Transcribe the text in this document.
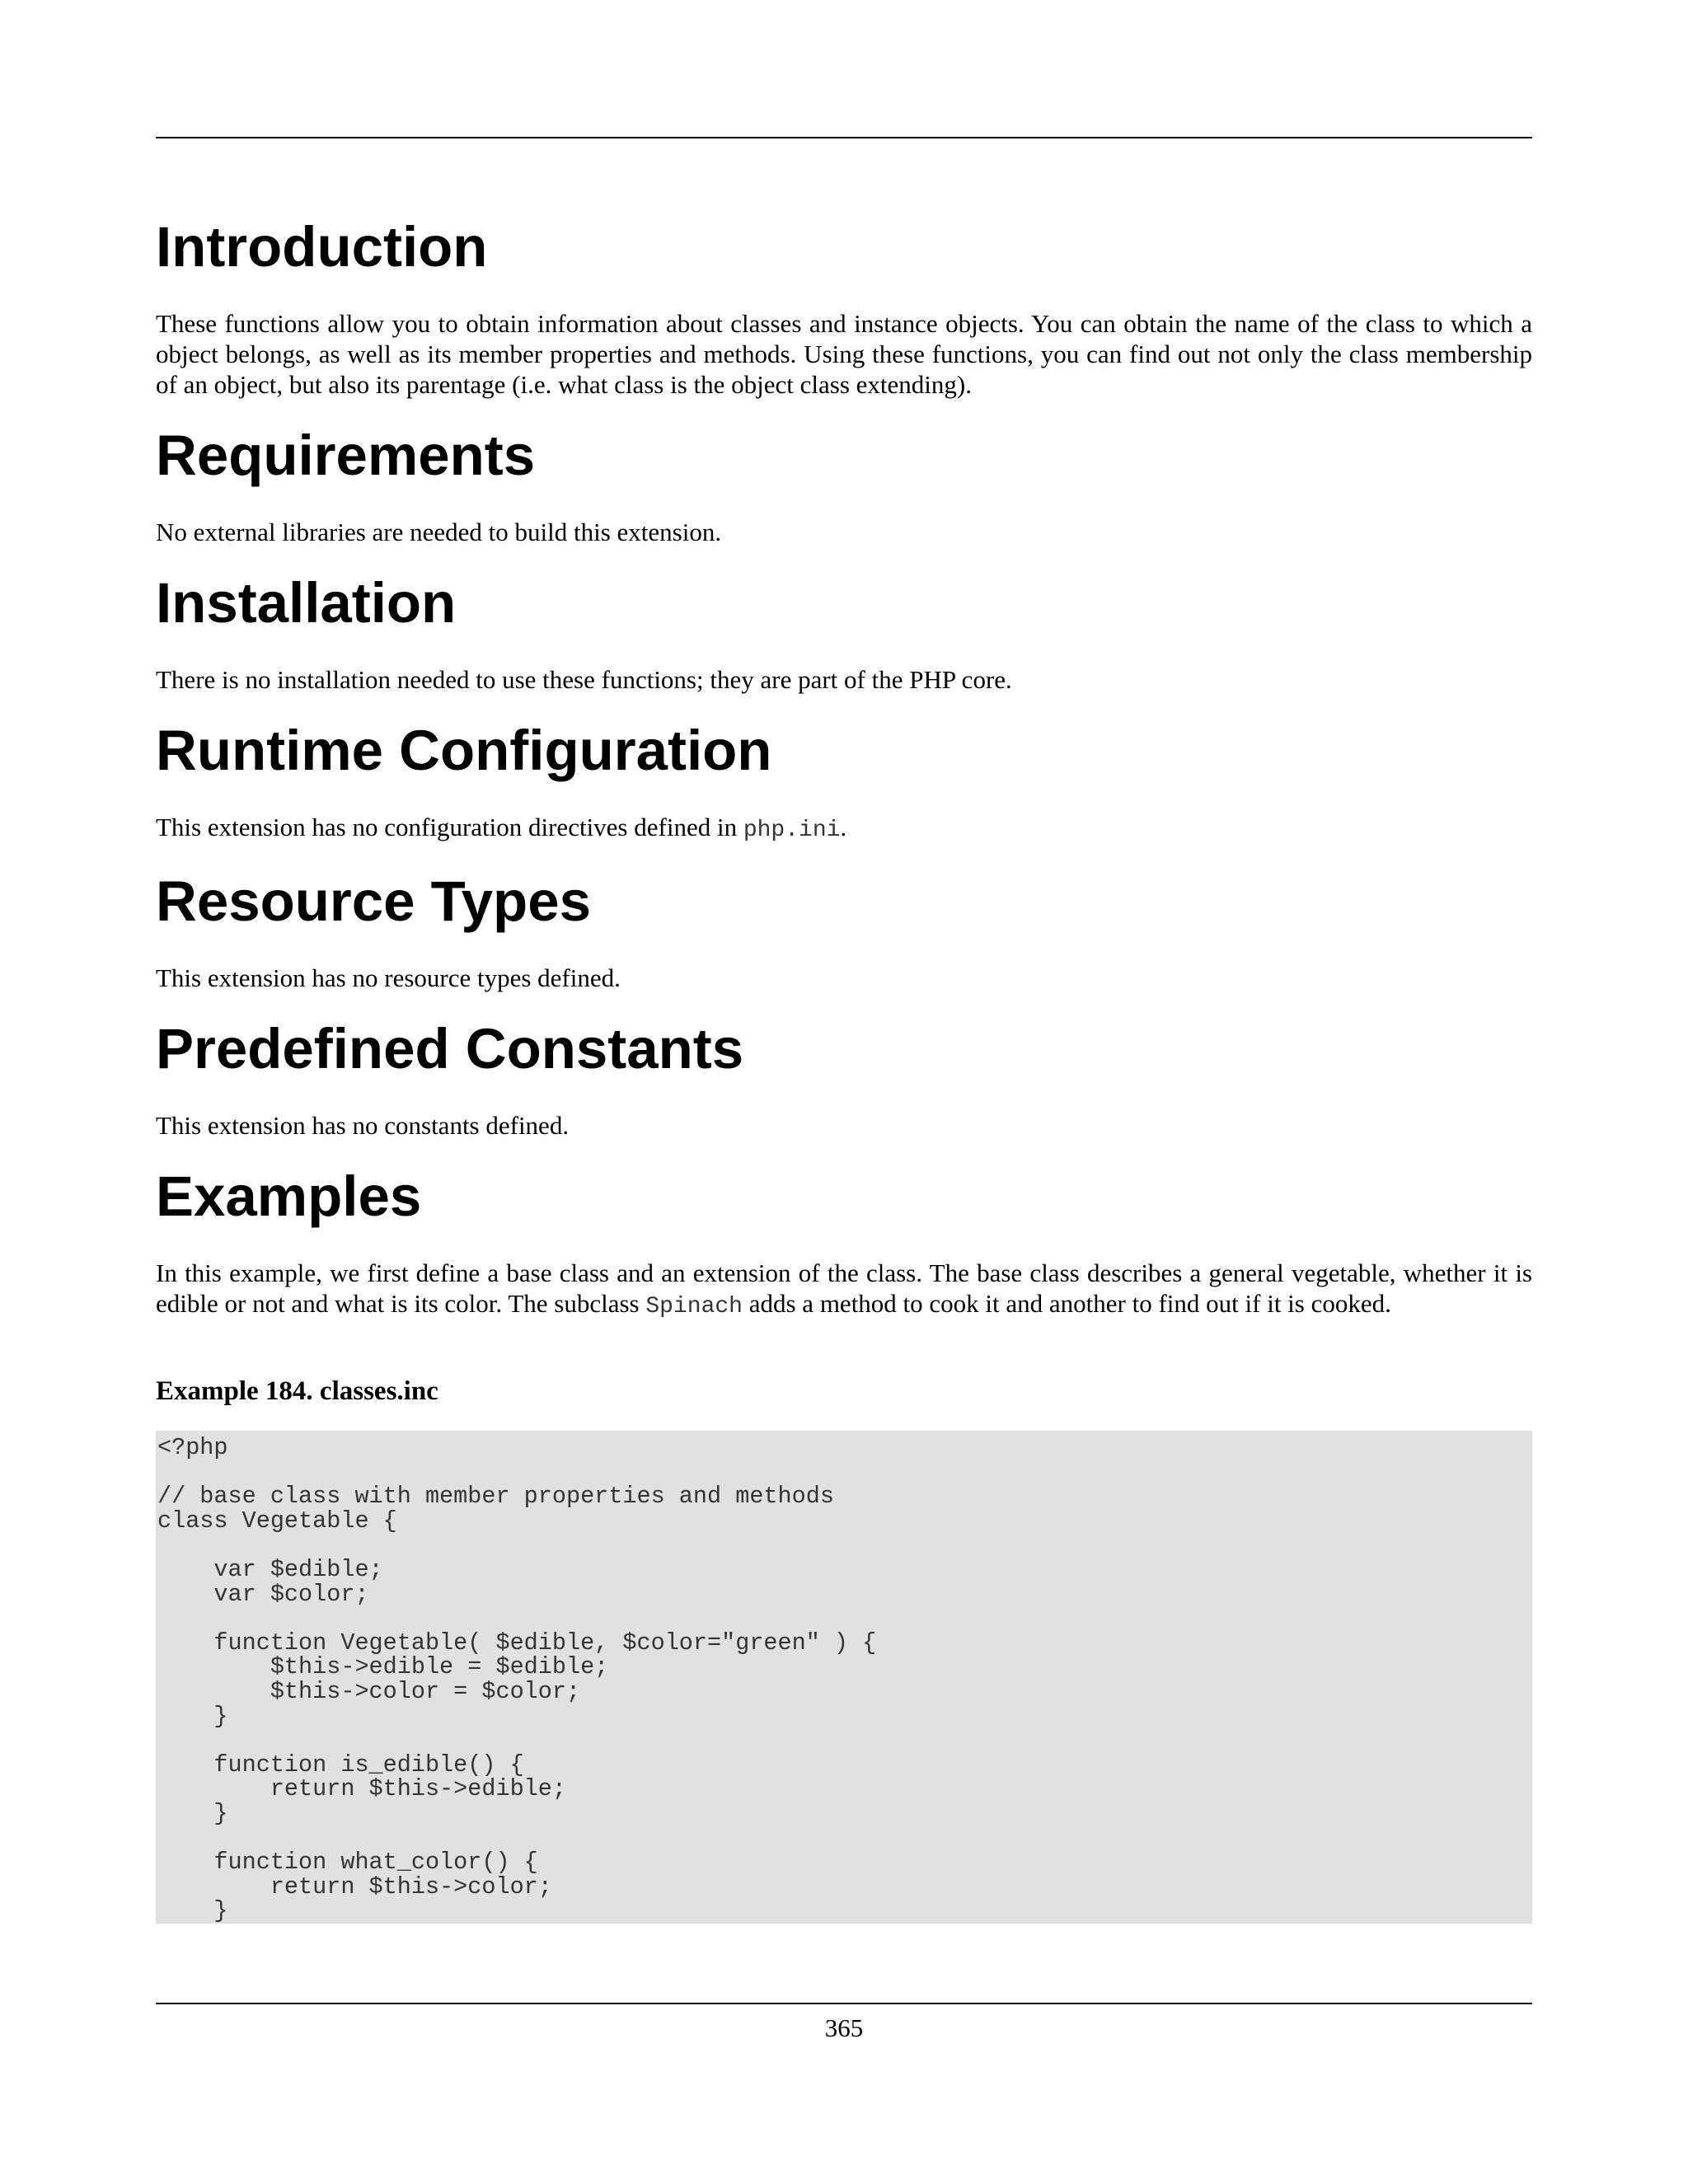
Introduction

These functions allow you to obtain information about classes and instance objects. You can obtain the name of the class to which a object belongs, as well as its member properties and methods. Using these functions, you can find out not only the class membership of an object, but also its parentage (i.e. what class is the object class extending).

Requirements

No external libraries are needed to build this extension.

Installation

There is no installation needed to use these functions; they are part of the PHP core.

Runtime Configuration

This extension has no configuration directives defined in php.ini.

Resource Types

This extension has no resource types defined.

Predefined Constants

This extension has no constants defined.

Examples

In this example, we first define a base class and an extension of the class. The base class describes a general vegetable, whether it is edible or not and what is its color. The subclass Spinach adds a method to cook it and another to find out if it is cooked.

Example 184. classes.inc
<?php

// base class with member properties and methods
class Vegetable {

var $edible;
var $color;

function Vegetable( $edible, $color="green" ) {
$this->edible = $edible;
$this->color = $color;
}

function is_edible() {
return $this->edible;
}

function what_color() {
return $this->color;
}
365
